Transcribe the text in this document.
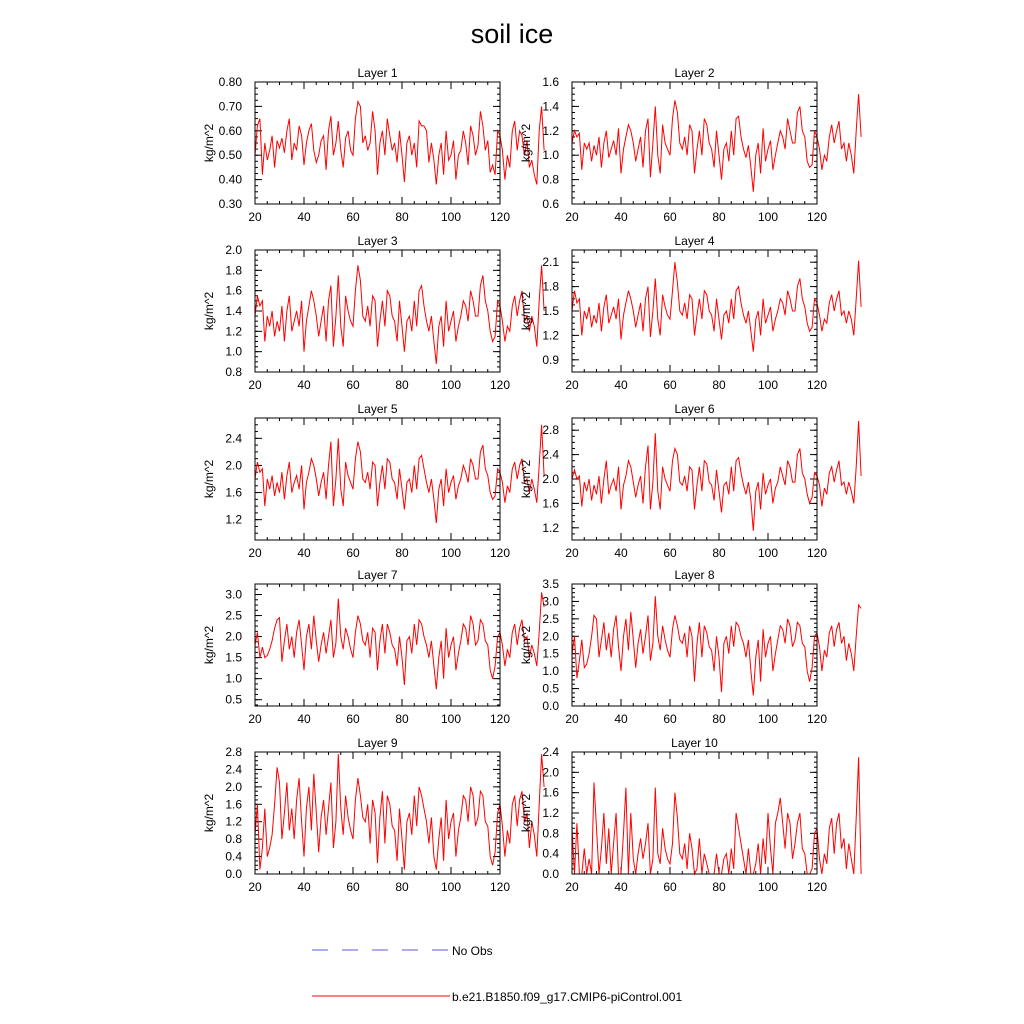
soil ice
Layer 1
20	40	60	80	100 120
0.30
0.40
0.50
0.60
0.70
0.80
kg/m^2
Layer 2
20	40	60	80	100 120
0.6
0.8
1.0
1.2
1.4
1.6
kg/m^2
Layer 3
20	40	60	80	100 120
0.8
1.0
1.2
1.4
1.6
1.8
2.0
kg/m^2
Layer 4
20	40	60	80	100 120
0.9
1.2
1.5
1.8
2.1
kg/m^2
Layer 5
20	40	60	80	100 120
1.2
1.6
2.0
2.4
kg/m^2
Layer 6
20	40	60	80	100 120
1.2
1.6
2.0
2.4
2.8
kg/m^2
Layer 7
20	40	60	80	100 120
0.5
1.0
1.5
2.0
2.5
3.0
kg/m^2
Layer 8
20	40	60	80	100 120
0.0
0.5
1.0
1.5
2.0
2.5
3.0
3.5
kg/m^2
Layer 9
20	40	60	80	100 120
0.0
0.4
0.8
1.2
1.6
2.0
2.4
2.8
kg/m^2
Layer 10
20	40	60	80	100 120
0.0
0.4
0.8
1.2
1.6
2.0
2.4
kg/m^2
No Obs
b.e21.B1850.f09_g17.CMIP6-piControl.001
